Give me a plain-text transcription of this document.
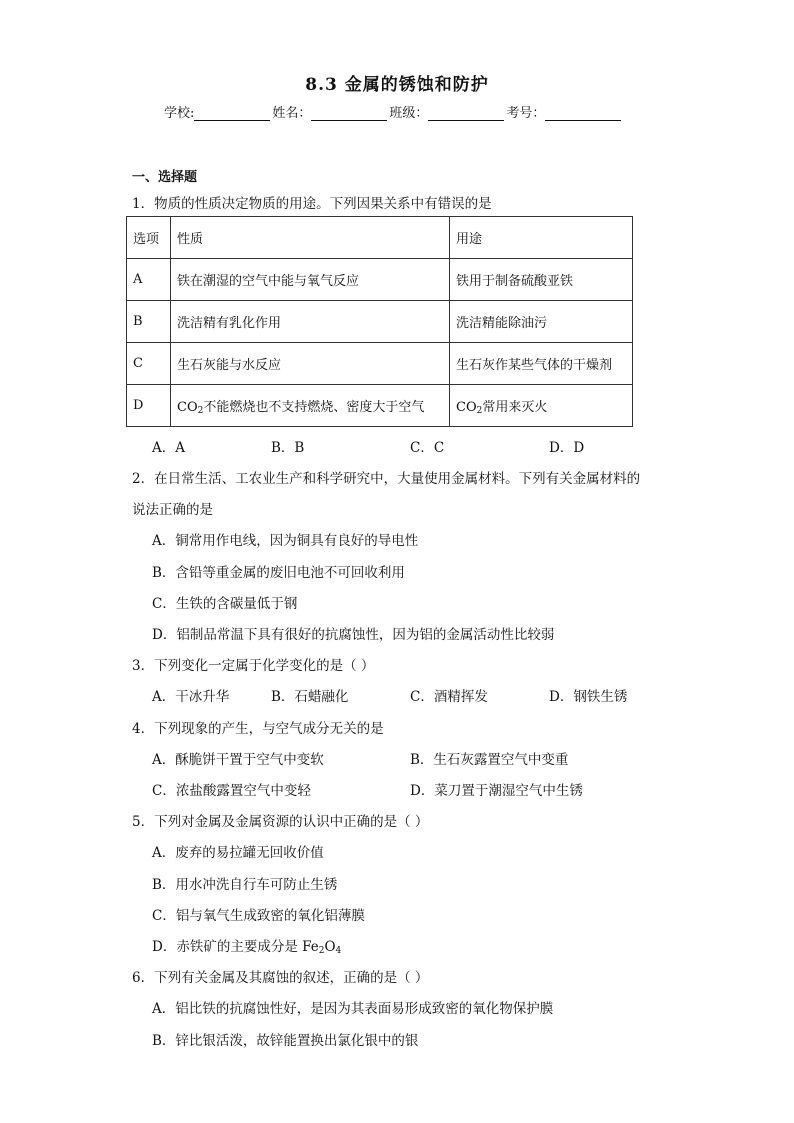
8.3 金属的锈蚀和防护
学校:	姓名：	班级：	考号：
一、选择题
1．物质的性质决定物质的用途。下列因果关系中有错误的是
选项	性质	用途
A	铁在潮湿的空气中能与氧气反应	铁用于制备硫酸亚铁
B	洗洁精有乳化作用	洗洁精能除油污
C	生石灰能与水反应	生石灰作某些气体的干燥剂
D	$CO_2$不能燃烧也不支持燃烧、密度大于空气	$CO_2$常用来灭火
A．A	B．B	C．C	D．D
2．在日常生活、工农业生产和科学研究中，大量使用金属材料。下列有关金属材料的
说法正确的是
A．铜常用作电线，因为铜具有良好的导电性
B．含铅等重金属的废旧电池不可回收利用
C．生铁的含碳量低于钢
D．铝制品常温下具有很好的抗腐蚀性，因为铝的金属活动性比较弱
3．下列变化一定属于化学变化的是（ ）
A．干冰升华	B．石蜡融化	C．酒精挥发	D．钢铁生锈
4．下列现象的产生，与空气成分无关的是
A．酥脆饼干置于空气中变软	B．生石灰露置空气中变重
C．浓盐酸露置空气中变轻	D．菜刀置于潮湿空气中生锈
5．下列对金属及金属资源的认识中正确的是（ ）
A．废弃的易拉罐无回收价值
B．用水冲洗自行车可防止生锈
C．铝与氧气生成致密的氧化铝薄膜
D．赤铁矿的主要成分是 $Fe_2O_4$
6．下列有关金属及其腐蚀的叙述，正确的是（ ）
A．铝比铁的抗腐蚀性好，是因为其表面易形成致密的氧化物保护膜
B．锌比银活泼，故锌能置换出氯化银中的银
